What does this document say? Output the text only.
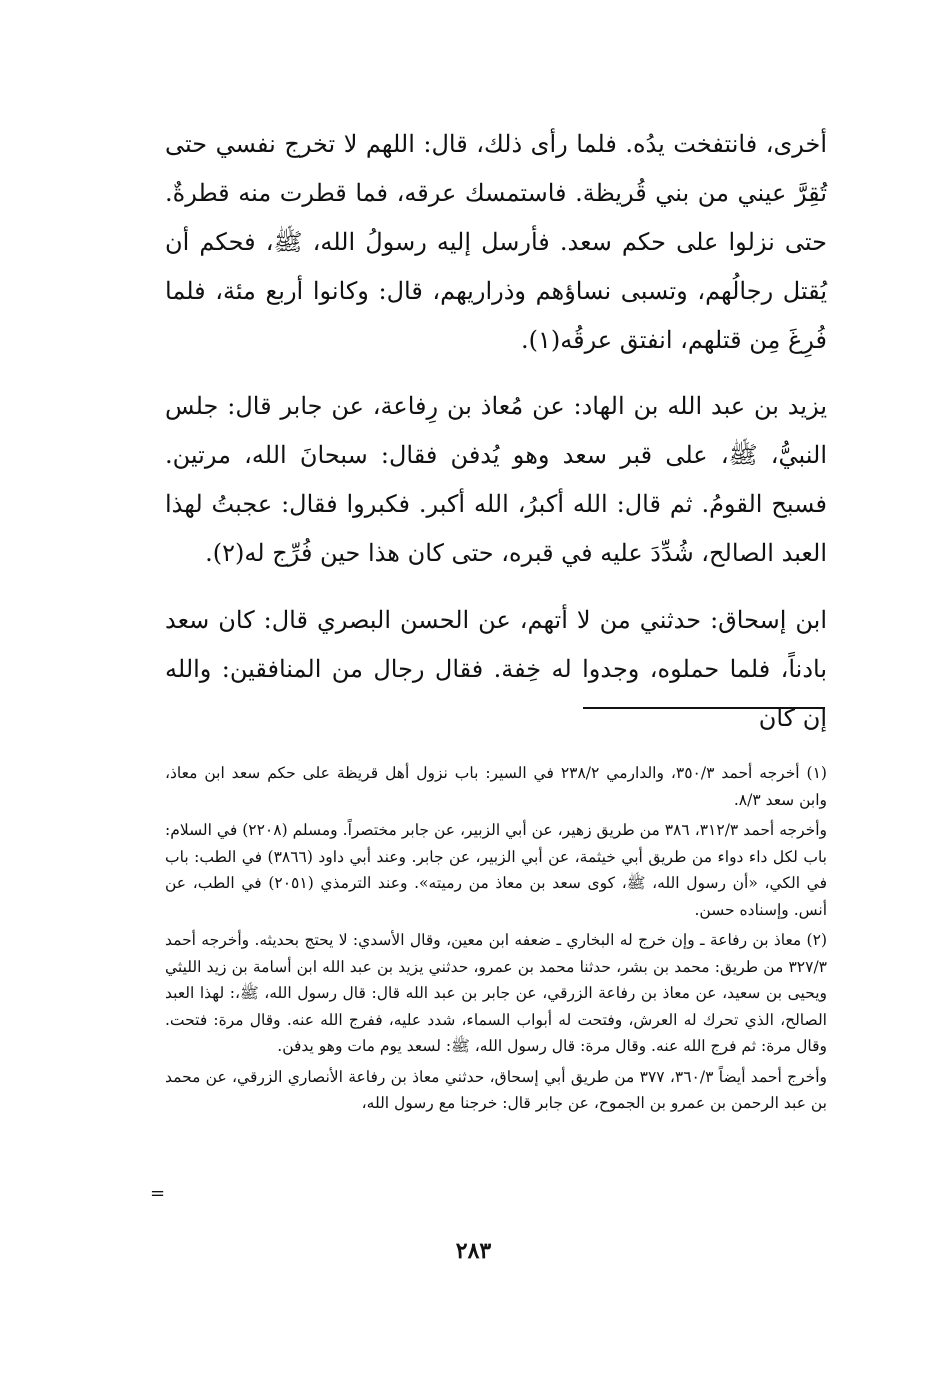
أخرى، فانتفخت يدُه. فلما رأى ذلك، قال: اللهم لا تخرج نفسي حتى تُقِرَّ عيني من بني قُريظة. فاستمسك عرقه، فما قطرت منه قطرةٌ. حتى نزلوا على حكم سعد. فأرسل إليه رسولُ الله، ﷺ، فحكم أن يُقتل رجالُهم، وتسبى نساؤهم وذراريهم، قال: وكانوا أربع مئة، فلما فُرِغَ مِن قتلهم، انفتق عرقُه(١).

يزيد بن عبد الله بن الهاد: عن مُعاذ بن رِفاعة، عن جابر قال: جلس النبيُّ، ﷺ، على قبر سعد وهو يُدفن فقال: سبحانَ الله، مرتين. فسبح القومُ. ثم قال: الله أكبرُ، الله أكبر. فكبروا فقال: عجبتُ لهذا العبد الصالح، شُدِّدَ عليه في قبره، حتى كان هذا حين فُرِّج له(٢).

ابن إسحاق: حدثني من لا أتهم، عن الحسن البصري قال: كان سعد بادناً، فلما حملوه، وجدوا له خِفة. فقال رجال من المنافقين: والله إن كان

(١) أخرجه أحمد ٣/‏٣٥٠، والدارمي ٢/‏٢٣٨ في السير: باب نزول أهل قريظة على حكم سعد ابن معاذ، وابن سعد ٣/‏٨.

وأخرجه أحمد ٣/‏٣١٢، ٣٨٦ من طريق زهير، عن أبي الزبير، عن جابر مختصراً. ومسلم (٢٢٠٨) في السلام: باب لكل داء دواء من طريق أبي خيثمة، عن أبي الزبير، عن جابر. وعند أبي داود (٣٨٦٦) في الطب: باب في الكي، «أن رسول الله، ﷺ، كوى سعد بن معاذ من رميته». وعند الترمذي (٢٠٥١) في الطب، عن أنس. وإسناده حسن.

(٢) معاذ بن رفاعة ـ وإن خرج له البخاري ـ ضعفه ابن معين، وقال الأسدي: لا يحتج بحديثه. وأخرجه أحمد ٣/‏٣٢٧ من طريق: محمد بن بشر، حدثنا محمد بن عمرو، حدثني يزيد بن عبد الله ابن أسامة بن زيد الليثي ويحيى بن سعيد، عن معاذ بن رفاعة الزرقي، عن جابر بن عبد الله قال: قال رسول الله، ﷺ،: لهذا العبد الصالح، الذي تحرك له العرش، وفتحت له أبواب السماء، شدد عليه، ففرج الله عنه. وقال مرة: فتحت. وقال مرة: ثم فرج الله عنه. وقال مرة: قال رسول الله، ﷺ: لسعد يوم مات وهو يدفن.

وأخرج أحمد أيضاً ٣/‏٣٦٠، ٣٧٧ من طريق أبي إسحاق، حدثني معاذ بن رفاعة الأنصاري الزرقي، عن محمد بن عبد الرحمن بن عمرو بن الجموح، عن جابر قال: خرجنا مع رسول الله،

=
٢٨٣
